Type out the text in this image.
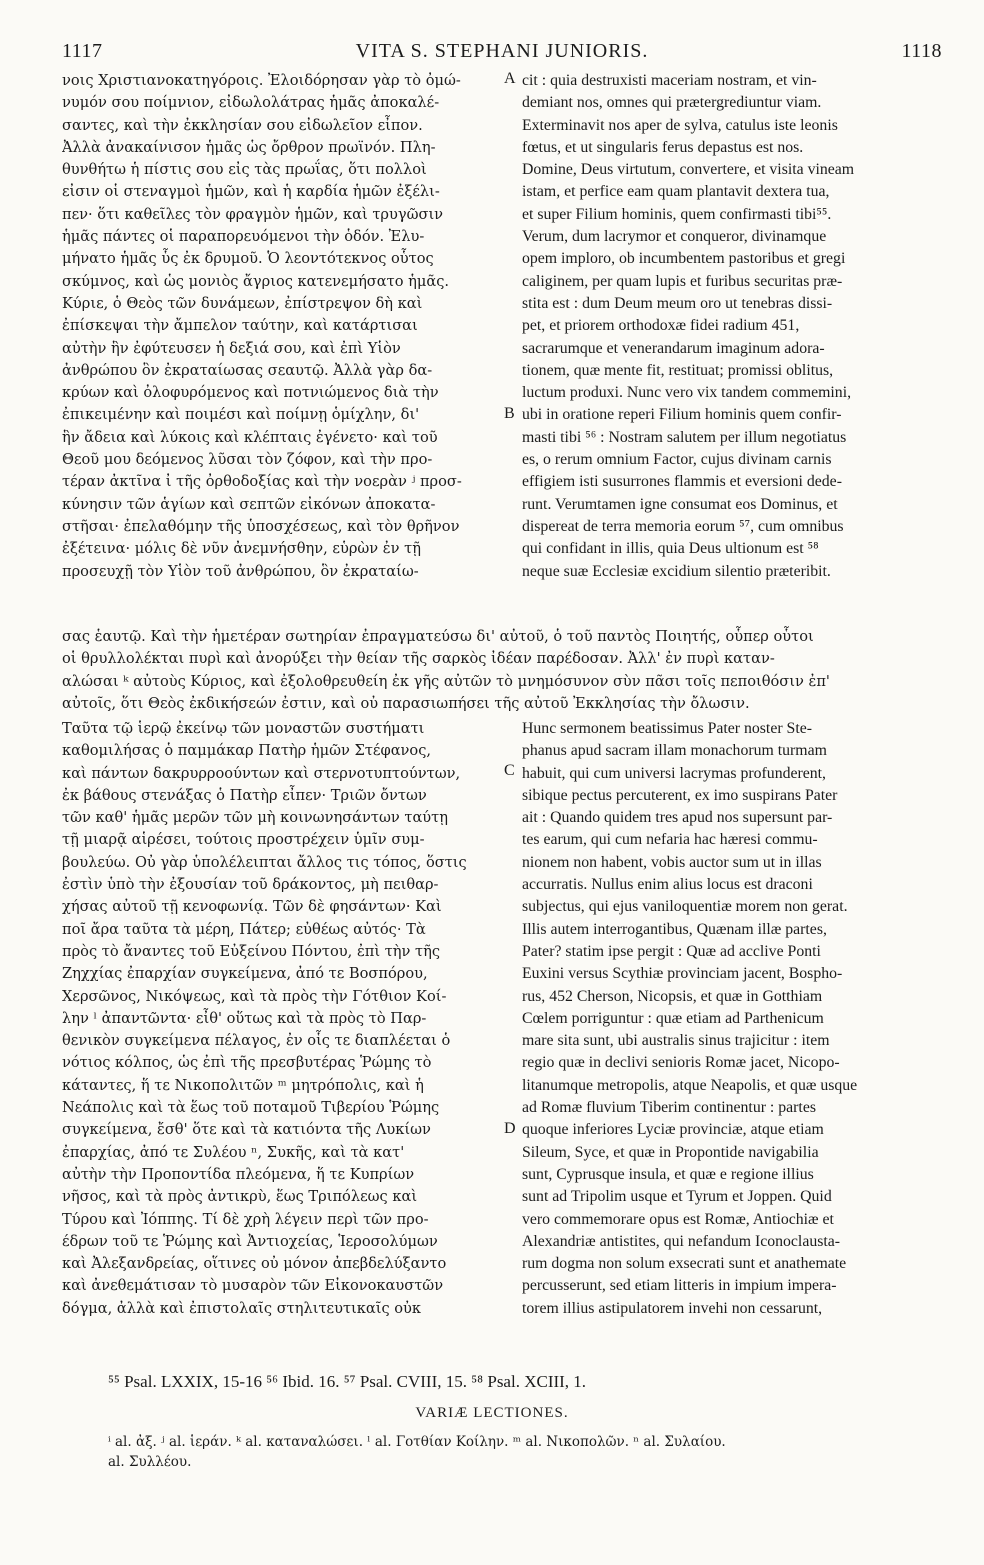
1117	VITA S. STEPHANI JUNIORIS.	1118
A
B
C
D
νοις Χριστιανοκατηγόροις. Ἐλοιδόρησαν γὰρ τὸ ὀμώ-
νυμόν σου ποίμνιον, εἰδωλολάτρας ἡμᾶς ἀποκαλέ-
σαντες, καὶ τὴν ἐκκλησίαν σου εἰδωλεῖον εἶπον.
Ἀλλὰ ἀνακαίνισον ἡμᾶς ὡς ὄρθρον πρωϊνόν. Πλη-
θυνθήτω ἡ πίστις σου εἰς τὰς πρωΐας, ὅτι πολλοὶ
εἰσιν οἱ στεναγμοὶ ἡμῶν, καὶ ἡ καρδία ἡμῶν ἐξέλι-
πεν· ὅτι καθεῖλες τὸν φραγμὸν ἡμῶν, καὶ τρυγῶσιν
ἡμᾶς πάντες οἱ παραπορευόμενοι τὴν ὁδόν. Ἐλυ-
μήνατο ἡμᾶς ὗς ἐκ δρυμοῦ. Ὁ λεοντότεκνος οὗτος
σκύμνος, καὶ ὡς μονιὸς ἄγριος κατενεμήσατο ἡμᾶς.
Κύριε, ὁ Θεὸς τῶν δυνάμεων, ἐπίστρεψον δὴ καὶ
ἐπίσκεψαι τὴν ἄμπελον ταύτην, καὶ κατάρτισαι
αὐτὴν ἣν ἐφύτευσεν ἡ δεξιά σου, καὶ ἐπὶ Υἱὸν
ἀνθρώπου ὃν ἐκραταίωσας σεαυτῷ. Ἀλλὰ γὰρ δα-
κρύων καὶ ὀλοφυρόμενος καὶ ποτνιώμενος διὰ τὴν
ἐπικειμένην καὶ ποιμέσι καὶ ποίμνῃ ὁμίχλην, δι'
ἣν ἄδεια καὶ λύκοις καὶ κλέπταις ἐγένετο· καὶ τοῦ
Θεοῦ μου δεόμενος λῦσαι τὸν ζόφον, καὶ τὴν προ-
τέραν ἀκτῖνα ἰ τῆς ὀρθοδοξίας καὶ τὴν νοερὰν ʲ προσ-
κύνησιν τῶν ἁγίων καὶ σεπτῶν εἰκόνων ἀποκατα-
στῆσαι· ἐπελαθόμην τῆς ὑποσχέσεως, καὶ τὸν θρῆνον
ἐξέτεινα· μόλις δὲ νῦν ἀνεμνήσθην, εὑρὼν ἐν τῇ
προσευχῇ τὸν Υἱὸν τοῦ ἀνθρώπου, ὃν ἐκραταίω-
cit : quia destruxisti maceriam nostram, et vin-
demiant nos, omnes qui prætergrediuntur viam.
Exterminavit nos aper de sylva, catulus iste leonis
fœtus, et ut singularis ferus depastus est nos.
Domine, Deus virtutum, convertere, et visita vineam
istam, et perfice eam quam plantavit dextera tua,
et super Filium hominis, quem confirmasti tibi⁵⁵.
Verum, dum lacrymor et conqueror, divinamque
opem imploro, ob incumbentem pastoribus et gregi
caliginem, per quam lupis et furibus securitas præ-
stita est : dum Deum meum oro ut tenebras dissi-
pet, et priorem orthodoxæ fidei radium 451,
sacrarumque et venerandarum imaginum adora-
tionem, quæ mente fit, restituat; promissi oblitus,
luctum produxi. Nunc vero vix tandem commemini,
ubi in oratione reperi Filium hominis quem confir-
masti tibi ⁵⁶ : Nostram salutem per illum negotiatus
es, o rerum omnium Factor, cujus divinam carnis
effigiem isti susurrones flammis et eversioni dede-
runt. Verumtamen igne consumat eos Dominus, et
dispereat de terra memoria eorum ⁵⁷, cum omnibus
qui confidant in illis, quia Deus ultionum est ⁵⁸
neque suæ Ecclesiæ excidium silentio præteribit.
σας ἑαυτῷ. Καὶ τὴν ἡμετέραν σωτηρίαν ἐπραγματεύσω δι' αὐτοῦ, ὁ τοῦ παντὸς Ποιητής, οὗπερ οὗτοι
οἱ θρυλλολέκται πυρὶ καὶ ἀνορύξει τὴν θείαν τῆς σαρκὸς ἰδέαν παρέδοσαν. Ἀλλ' ἐν πυρὶ καταν-
αλώσαι ᵏ αὐτοὺς Κύριος, καὶ ἐξολοθρευθείη ἐκ γῆς αὐτῶν τὸ μνημόσυνον σὺν πᾶσι τοῖς πεποιθόσιν ἐπ'
αὐτοῖς, ὅτι Θεὸς ἐκδικήσεών ἐστιν, καὶ οὐ παρασιωπήσει τῆς αὐτοῦ Ἐκκλησίας τὴν ὄλωσιν.
Ταῦτα τῷ ἱερῷ ἐκείνῳ τῶν μοναστῶν συστήματι
καθομιλήσας ὁ παμμάκαρ Πατὴρ ἡμῶν Στέφανος,
καὶ πάντων δακρυρροούντων καὶ στερνοτυπτούντων,
ἐκ βάθους στενάξας ὁ Πατὴρ εἶπεν· Τριῶν ὄντων
τῶν καθ' ἡμᾶς μερῶν τῶν μὴ κοινωνησάντων ταύτῃ
τῇ μιαρᾷ αἱρέσει, τούτοις προστρέχειν ὑμῖν συμ-
βουλεύω. Οὐ γὰρ ὑπολέλειπται ἄλλος τις τόπος, ὅστις
ἐστὶν ὑπὸ τὴν ἐξουσίαν τοῦ δράκοντος, μὴ πειθαρ-
χήσας αὐτοῦ τῇ κενοφωνίᾳ. Τῶν δὲ φησάντων· Καὶ
ποῖ ἄρα ταῦτα τὰ μέρη, Πάτερ; εὐθέως αὐτός· Τὰ
πρὸς τὸ ἄναντες τοῦ Εὐξείνου Πόντου, ἐπὶ τὴν τῆς
Ζηχχίας ἐπαρχίαν συγκείμενα, ἀπό τε Βοσπόρου,
Χερσῶνος, Νικόψεως, καὶ τὰ πρὸς τὴν Γότθιον Κοί-
λην ˡ ἀπαντῶντα· εἶθ' οὕτως καὶ τὰ πρὸς τὸ Παρ-
θενικὸν συγκείμενα πέλαγος, ἐν οἷς τε διαπλέεται ὁ
νότιος κόλπος, ὡς ἐπὶ τῆς πρεσβυτέρας Ῥώμης τὸ
κάταντες, ἥ τε Νικοπολιτῶν ᵐ μητρόπολις, καὶ ἡ
Νεάπολις καὶ τὰ ἕως τοῦ ποταμοῦ Τιβερίου Ῥώμης
συγκείμενα, ἔσθ' ὅτε καὶ τὰ κατιόντα τῆς Λυκίων
ἐπαρχίας, ἀπό τε Συλέου ⁿ, Συκῆς, καὶ τὰ κατ'
αὐτὴν τὴν Προποντίδα πλεόμενα, ἥ τε Κυπρίων
νῆσος, καὶ τὰ πρὸς ἀντικρὺ, ἕως Τριπόλεως καὶ
Τύρου καὶ Ἰόππης. Τί δὲ χρὴ λέγειν περὶ τῶν προ-
έδρων τοῦ τε Ῥώμης καὶ Ἀντιοχείας, Ἱεροσολύμων
καὶ Ἀλεξανδρείας, οἵτινες οὐ μόνον ἀπεβδελύξαντο
καὶ ἀνεθεμάτισαν τὸ μυσαρὸν τῶν Εἰκονοκαυστῶν
δόγμα, ἀλλὰ καὶ ἐπιστολαῖς στηλιτευτικαῖς οὐκ
Hunc sermonem beatissimus Pater noster Ste-
phanus apud sacram illam monachorum turmam
habuit, qui cum universi lacrymas profunderent,
sibique pectus percuterent, ex imo suspirans Pater
ait : Quando quidem tres apud nos supersunt par-
tes earum, qui cum nefaria hac hæresi commu-
nionem non habent, vobis auctor sum ut in illas
accurratis. Nullus enim alius locus est draconi
subjectus, qui ejus vaniloquentiæ morem non gerat.
Illis autem interrogantibus, Quænam illæ partes,
Pater? statim ipse pergit : Quæ ad acclive Ponti
Euxini versus Scythiæ provinciam jacent, Bospho-
rus, 452 Cherson, Nicopsis, et quæ in Gotthiam
Cœlem porriguntur : quæ etiam ad Parthenicum
mare sita sunt, ubi australis sinus trajicitur : item
regio quæ in declivi senioris Romæ jacet, Nicopo-
litanumque metropolis, atque Neapolis, et quæ usque
ad Romæ fluvium Tiberim continentur : partes
quoque inferiores Lyciæ provinciæ, atque etiam
Sileum, Syce, et quæ in Propontide navigabilia
sunt, Cyprusque insula, et quæ e regione illius
sunt ad Tripolim usque et Tyrum et Joppen. Quid
vero commemorare opus est Romæ, Antiochiæ et
Alexandriæ antistites, qui nefandum Iconoclausta-
rum dogma non solum exsecrati sunt et anathemate
percusserunt, sed etiam litteris in impium impera-
torem illius astipulatorem invehi non cessarunt,
⁵⁵ Psal. LXXIX, 15-16 ⁵⁶ Ibid. 16. ⁵⁷ Psal. CVIII, 15. ⁵⁸ Psal. XCIII, 1.
VARIÆ LECTIONES.
ⁱ al. ἀξ. ʲ al. ἱεράν. ᵏ al. καταναλώσει. ˡ al. Γοτθίαν Κοίλην. ᵐ al. Νικοπολῶν. ⁿ al. Συλαίου.
al. Συλλέου.
